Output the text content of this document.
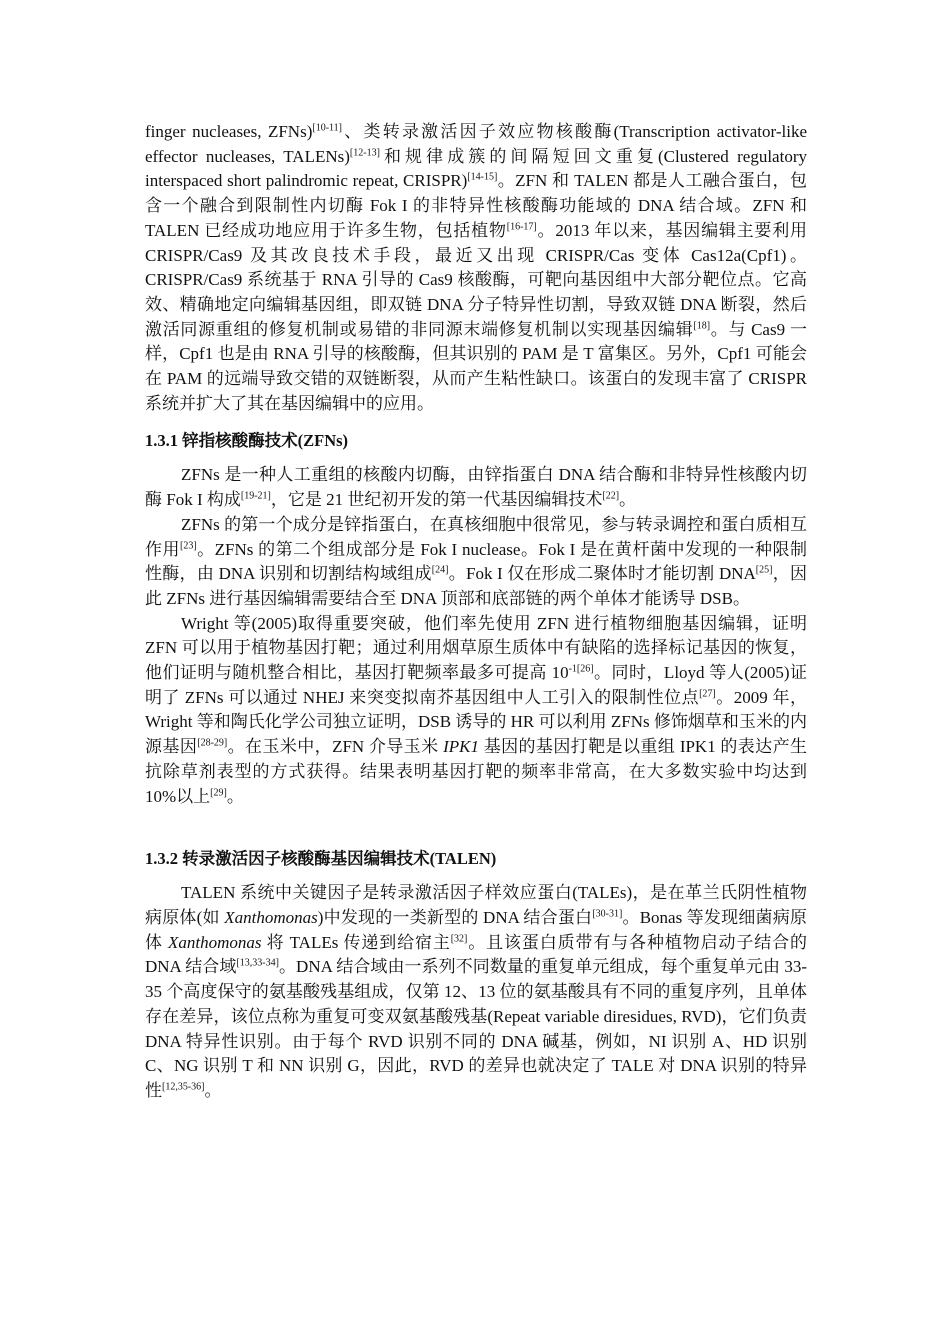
finger nucleases, ZFNs)[10-11]、类转录激活因子效应物核酸酶(Transcription activator-like effector nucleases, TALENs)[12-13]和规律成簇的间隔短回文重复(Clustered regulatory interspaced short palindromic repeat, CRISPR)[14-15]。ZFN 和 TALEN 都是人工融合蛋白，包含一个融合到限制性内切酶 Fok I 的非特异性核酸酶功能域的 DNA 结合域。ZFN 和 TALEN 已经成功地应用于许多生物，包括植物[16-17]。2013 年以来，基因编辑主要利用 CRISPR/Cas9 及其改良技术手段，最近又出现 CRISPR/Cas 变体 Cas12a(Cpf1)。CRISPR/Cas9 系统基于 RNA 引导的 Cas9 核酸酶，可靶向基因组中大部分靶位点。它高效、精确地定向编辑基因组，即双链 DNA 分子特异性切割，导致双链 DNA 断裂，然后激活同源重组的修复机制或易错的非同源末端修复机制以实现基因编辑[18]。与 Cas9 一样，Cpf1 也是由 RNA 引导的核酸酶，但其识别的 PAM 是 T 富集区。另外，Cpf1 可能会在 PAM 的远端导致交错的双链断裂，从而产生粘性缺口。该蛋白的发现丰富了 CRISPR 系统并扩大了其在基因编辑中的应用。

1.3.1 锌指核酸酶技术(ZFNs)

ZFNs 是一种人工重组的核酸内切酶，由锌指蛋白 DNA 结合酶和非特异性核酸内切酶 Fok I 构成[19-21]，它是 21 世纪初开发的第一代基因编辑技术[22]。

ZFNs 的第一个成分是锌指蛋白，在真核细胞中很常见，参与转录调控和蛋白质相互作用[23]。ZFNs 的第二个组成部分是 Fok I nuclease。Fok I 是在黄杆菌中发现的一种限制性酶，由 DNA 识别和切割结构域组成[24]。Fok I 仅在形成二聚体时才能切割 DNA[25]，因此 ZFNs 进行基因编辑需要结合至 DNA 顶部和底部链的两个单体才能诱导 DSB。

Wright 等(2005)取得重要突破，他们率先使用 ZFN 进行植物细胞基因编辑，证明 ZFN 可以用于植物基因打靶；通过利用烟草原生质体中有缺陷的选择标记基因的恢复，他们证明与随机整合相比，基因打靶频率最多可提高 $10^{-1[26]}$。同时，Lloyd 等人(2005)证明了 ZFNs 可以通过 NHEJ 来突变拟南芥基因组中人工引入的限制性位点[27]。2009 年，Wright 等和陶氏化学公司独立证明，DSB 诱导的 HR 可以利用 ZFNs 修饰烟草和玉米的内源基因[28-29]。在玉米中，ZFN 介导玉米 IPK1 基因的基因打靶是以重组 IPK1 的表达产生抗除草剂表型的方式获得。结果表明基因打靶的频率非常高，在大多数实验中均达到 10%以上[29]。

1.3.2 转录激活因子核酸酶基因编辑技术(TALEN)

TALEN 系统中关键因子是转录激活因子样效应蛋白(TALEs)，是在革兰氏阴性植物病原体(如 Xanthomonas)中发现的一类新型的 DNA 结合蛋白[30-31]。Bonas 等发现细菌病原体 Xanthomonas 将 TALEs 传递到给宿主[32]。且该蛋白质带有与各种植物启动子结合的 DNA 结合域[13,33-34]。DNA 结合域由一系列不同数量的重复单元组成，每个重复单元由 33-35 个高度保守的氨基酸残基组成，仅第 12、13 位的氨基酸具有不同的重复序列，且单体存在差异，该位点称为重复可变双氨基酸残基(Repeat variable diresidues, RVD)，它们负责 DNA 特异性识别。由于每个 RVD 识别不同的 DNA 碱基，例如，NI 识别 A、HD 识别 C、NG 识别 T 和 NN 识别 G，因此，RVD 的差异也就决定了 TALE 对 DNA 识别的特异性[12,35-36]。
